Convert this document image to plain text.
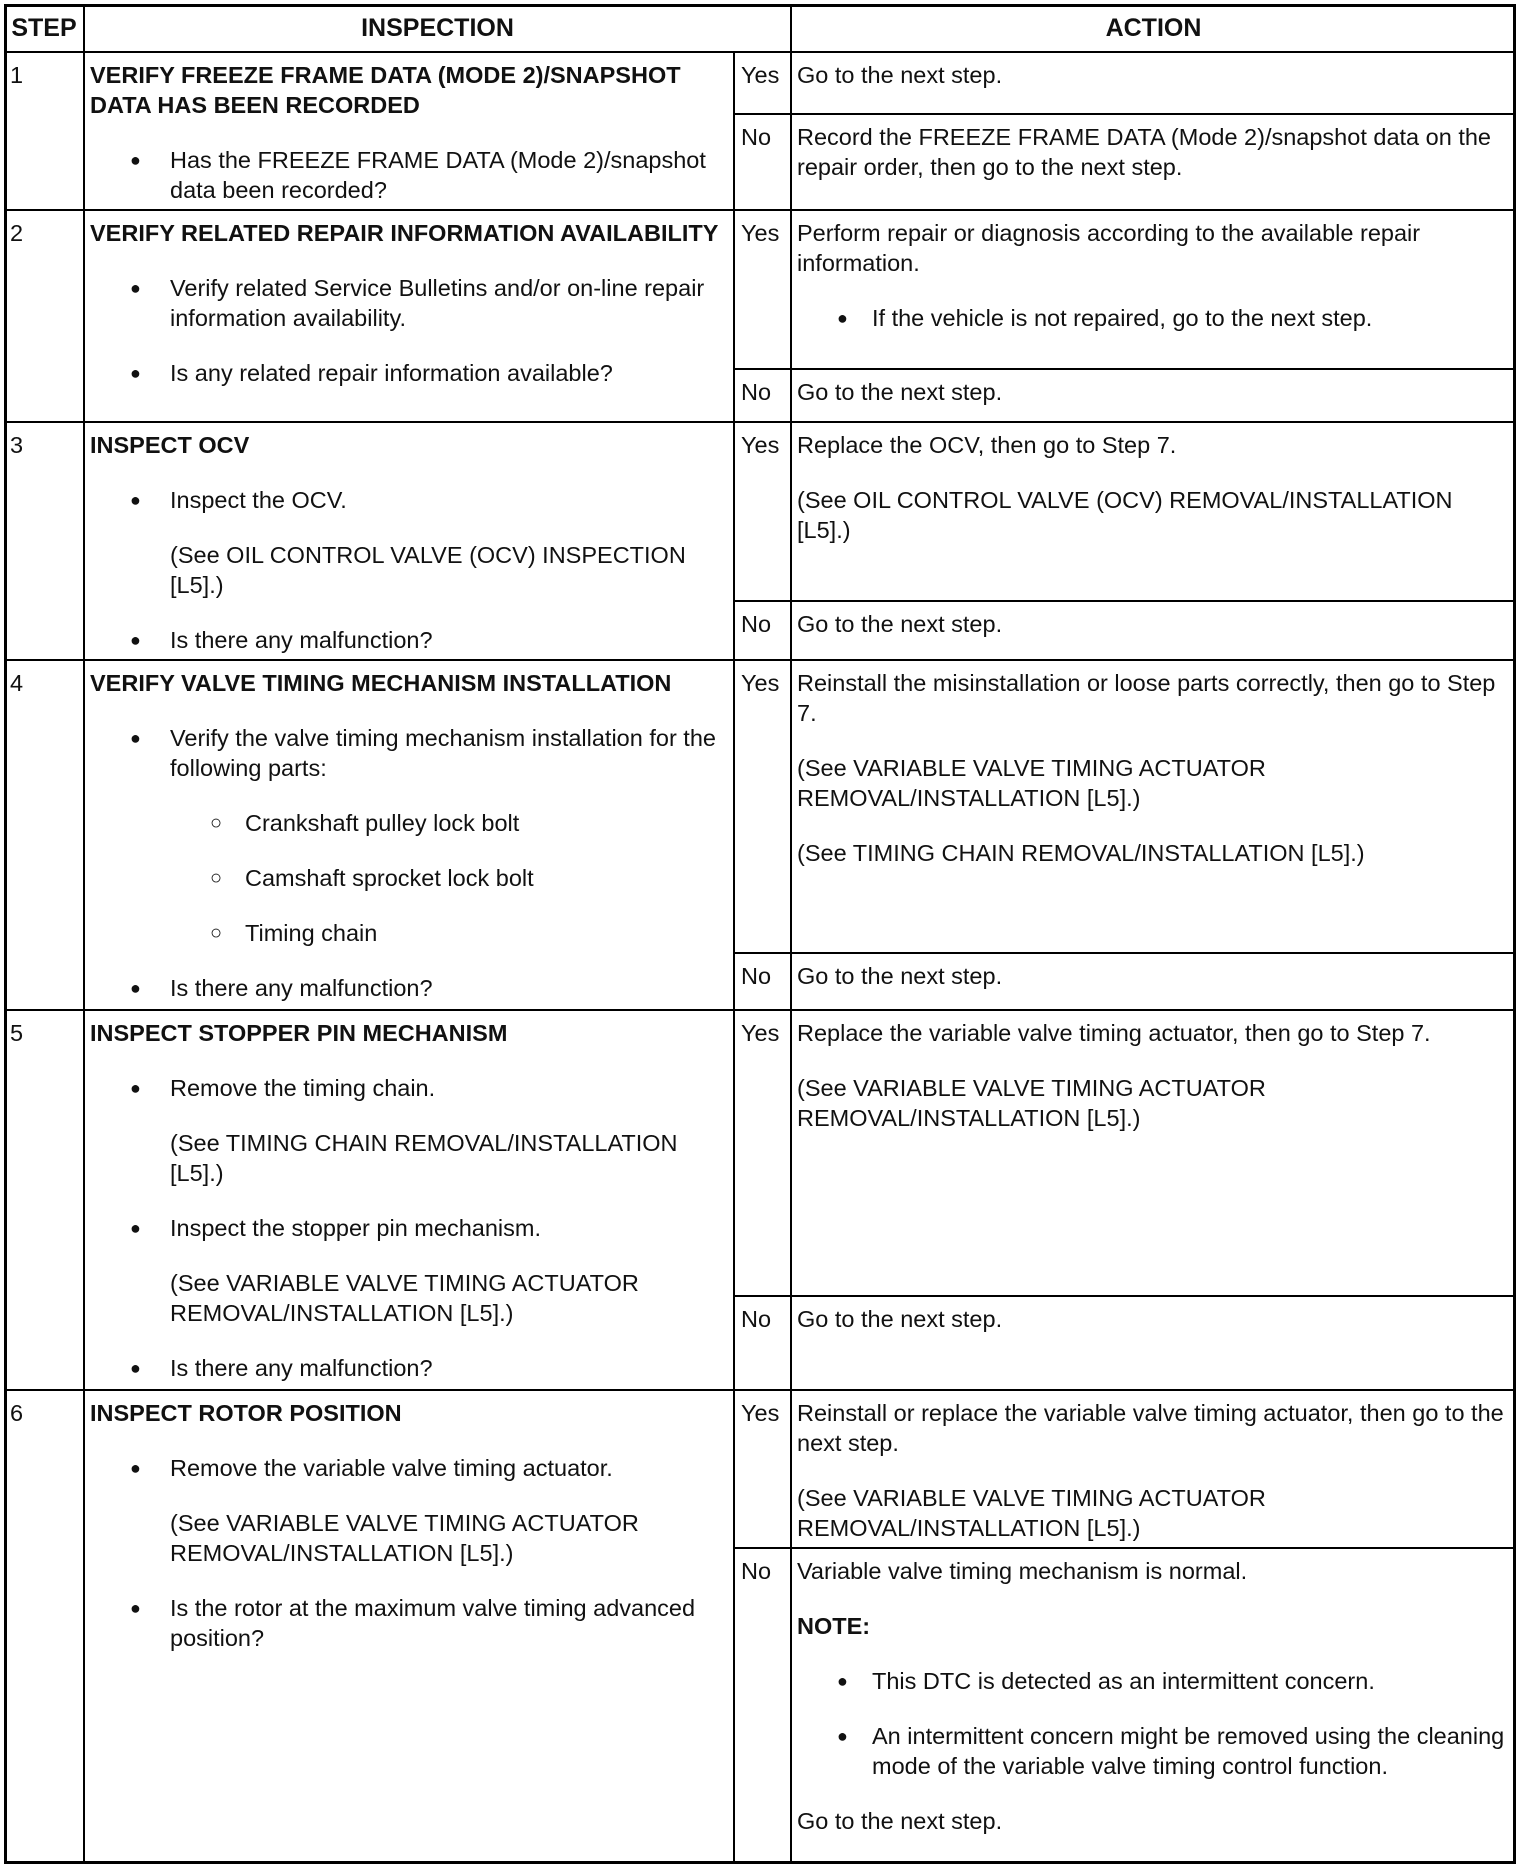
STEP	INSPECTION	ACTION
1	VERIFY FREEZE FRAME DATA (MODE 2)/SNAPSHOT DATA HAS BEEN RECORDED
● Has the FREEZE FRAME DATA (Mode 2)/snapshot data been recorded?
Yes Go to the next step.
No	Record the FREEZE FRAME DATA (Mode 2)/snapshot data on the repair order, then go to the next step.
2	VERIFY RELATED REPAIR INFORMATION AVAILABILITY
● Verify related Service Bulletins and/or on-line repair information availability.
● Is any related repair information available?
Yes Perform repair or diagnosis according to the available repair information.
● If the vehicle is not repaired, go to the next step.
No	Go to the next step.
3	INSPECT OCV
● Inspect the OCV.
(See OIL CONTROL VALVE (OCV) INSPECTION [L5].)
● Is there any malfunction?
Yes Replace the OCV, then go to Step 7.
(See OIL CONTROL VALVE (OCV) REMOVAL/INSTALLATION [L5].)
No	Go to the next step.
4	VERIFY VALVE TIMING MECHANISM INSTALLATION
● Verify the valve timing mechanism installation for the following parts:
○ Crankshaft pulley lock bolt
○ Camshaft sprocket lock bolt
○ Timing chain
● Is there any malfunction?
Yes Reinstall the misinstallation or loose parts correctly, then go to Step 7.
(See VARIABLE VALVE TIMING ACTUATOR REMOVAL/INSTALLATION [L5].)
(See TIMING CHAIN REMOVAL/INSTALLATION [L5].)
No	Go to the next step.
5	INSPECT STOPPER PIN MECHANISM
● Remove the timing chain.
(See TIMING CHAIN REMOVAL/INSTALLATION [L5].)
● Inspect the stopper pin mechanism.
(See VARIABLE VALVE TIMING ACTUATOR REMOVAL/INSTALLATION [L5].)
● Is there any malfunction?
Yes Replace the variable valve timing actuator, then go to Step 7.
(See VARIABLE VALVE TIMING ACTUATOR REMOVAL/INSTALLATION [L5].)
No	Go to the next step.
6	INSPECT ROTOR POSITION
● Remove the variable valve timing actuator.
(See VARIABLE VALVE TIMING ACTUATOR REMOVAL/INSTALLATION [L5].)
● Is the rotor at the maximum valve timing advanced position?
Yes Reinstall or replace the variable valve timing actuator, then go to the next step.
(See VARIABLE VALVE TIMING ACTUATOR REMOVAL/INSTALLATION [L5].)
No	Variable valve timing mechanism is normal.
NOTE:
● This DTC is detected as an intermittent concern.
● An intermittent concern might be removed using the cleaning mode of the variable valve timing control function.
Go to the next step.
